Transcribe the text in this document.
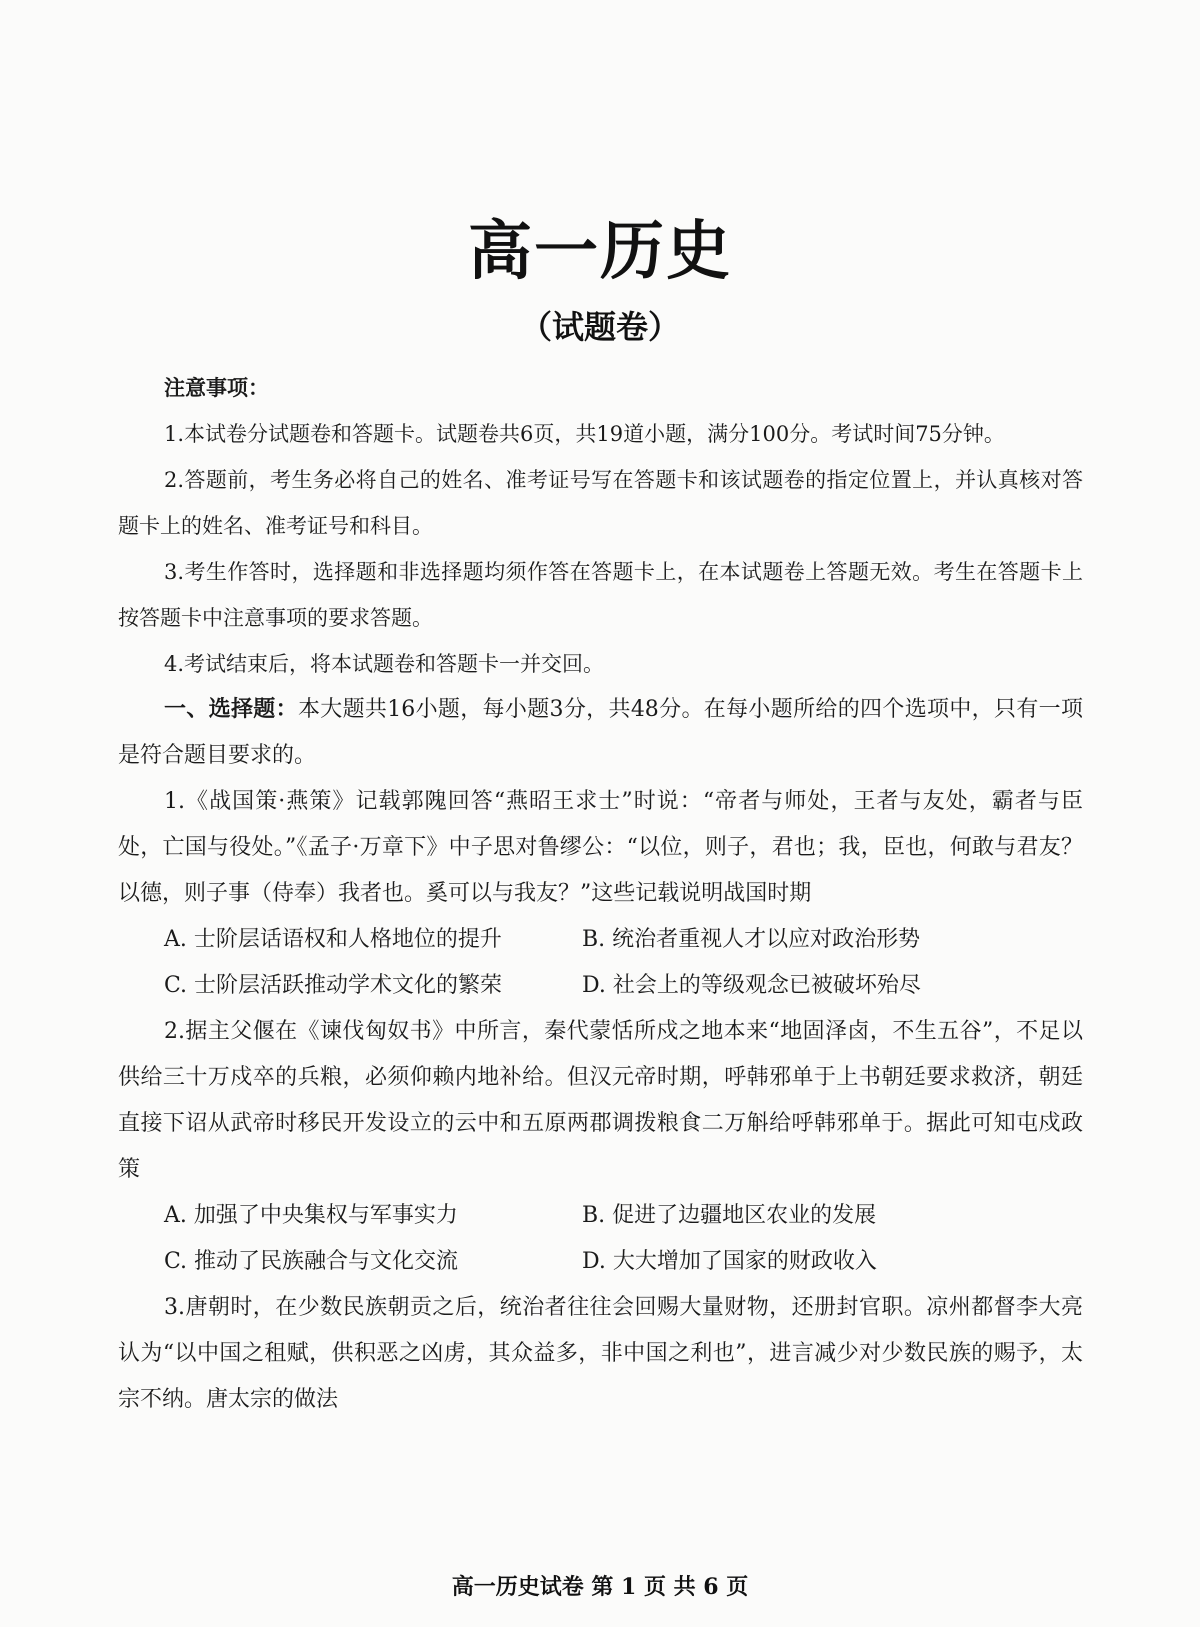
高一历史
（试题卷）

注意事项：

1.本试卷分试题卷和答题卡。试题卷共6页，共19道小题，满分100分。考试时间75分钟。

2.答题前，考生务必将自己的姓名、准考证号写在答题卡和该试题卷的指定位置上，并认真核对答题卡上的姓名、准考证号和科目。

3.考生作答时，选择题和非选择题均须作答在答题卡上，在本试题卷上答题无效。考生在答题卡上按答题卡中注意事项的要求答题。

4.考试结束后，将本试题卷和答题卡一并交回。

一、选择题：本大题共16小题，每小题3分，共48分。在每小题所给的四个选项中，只有一项是符合题目要求的。

1.《战国策·燕策》记载郭隗回答“燕昭王求士”时说：“帝者与师处，王者与友处，霸者与臣处，亡国与役处。”《孟子·万章下》中子思对鲁缪公：“以位，则子，君也；我，臣也，何敢与君友？以德，则子事（侍奉）我者也。奚可以与我友？”这些记载说明战国时期

A. 士阶层话语权和人格地位的提升	B. 统治者重视人才以应对政治形势
C. 士阶层活跃推动学术文化的繁荣	D. 社会上的等级观念已被破坏殆尽

2.据主父偃在《谏伐匈奴书》中所言，秦代蒙恬所戍之地本来“地固泽卤，不生五谷”，不足以供给三十万戍卒的兵粮，必须仰赖内地补给。但汉元帝时期，呼韩邪单于上书朝廷要求救济，朝廷直接下诏从武帝时移民开发设立的云中和五原两郡调拨粮食二万斛给呼韩邪单于。据此可知屯戍政策

A. 加强了中央集权与军事实力	B. 促进了边疆地区农业的发展
C. 推动了民族融合与文化交流	D. 大大增加了国家的财政收入

3.唐朝时，在少数民族朝贡之后，统治者往往会回赐大量财物，还册封官职。凉州都督李大亮认为“以中国之租赋，供积恶之凶虏，其众益多，非中国之利也”，进言减少对少数民族的赐予，太宗不纳。唐太宗的做法

高一历史试卷 第 1 页 共 6 页
